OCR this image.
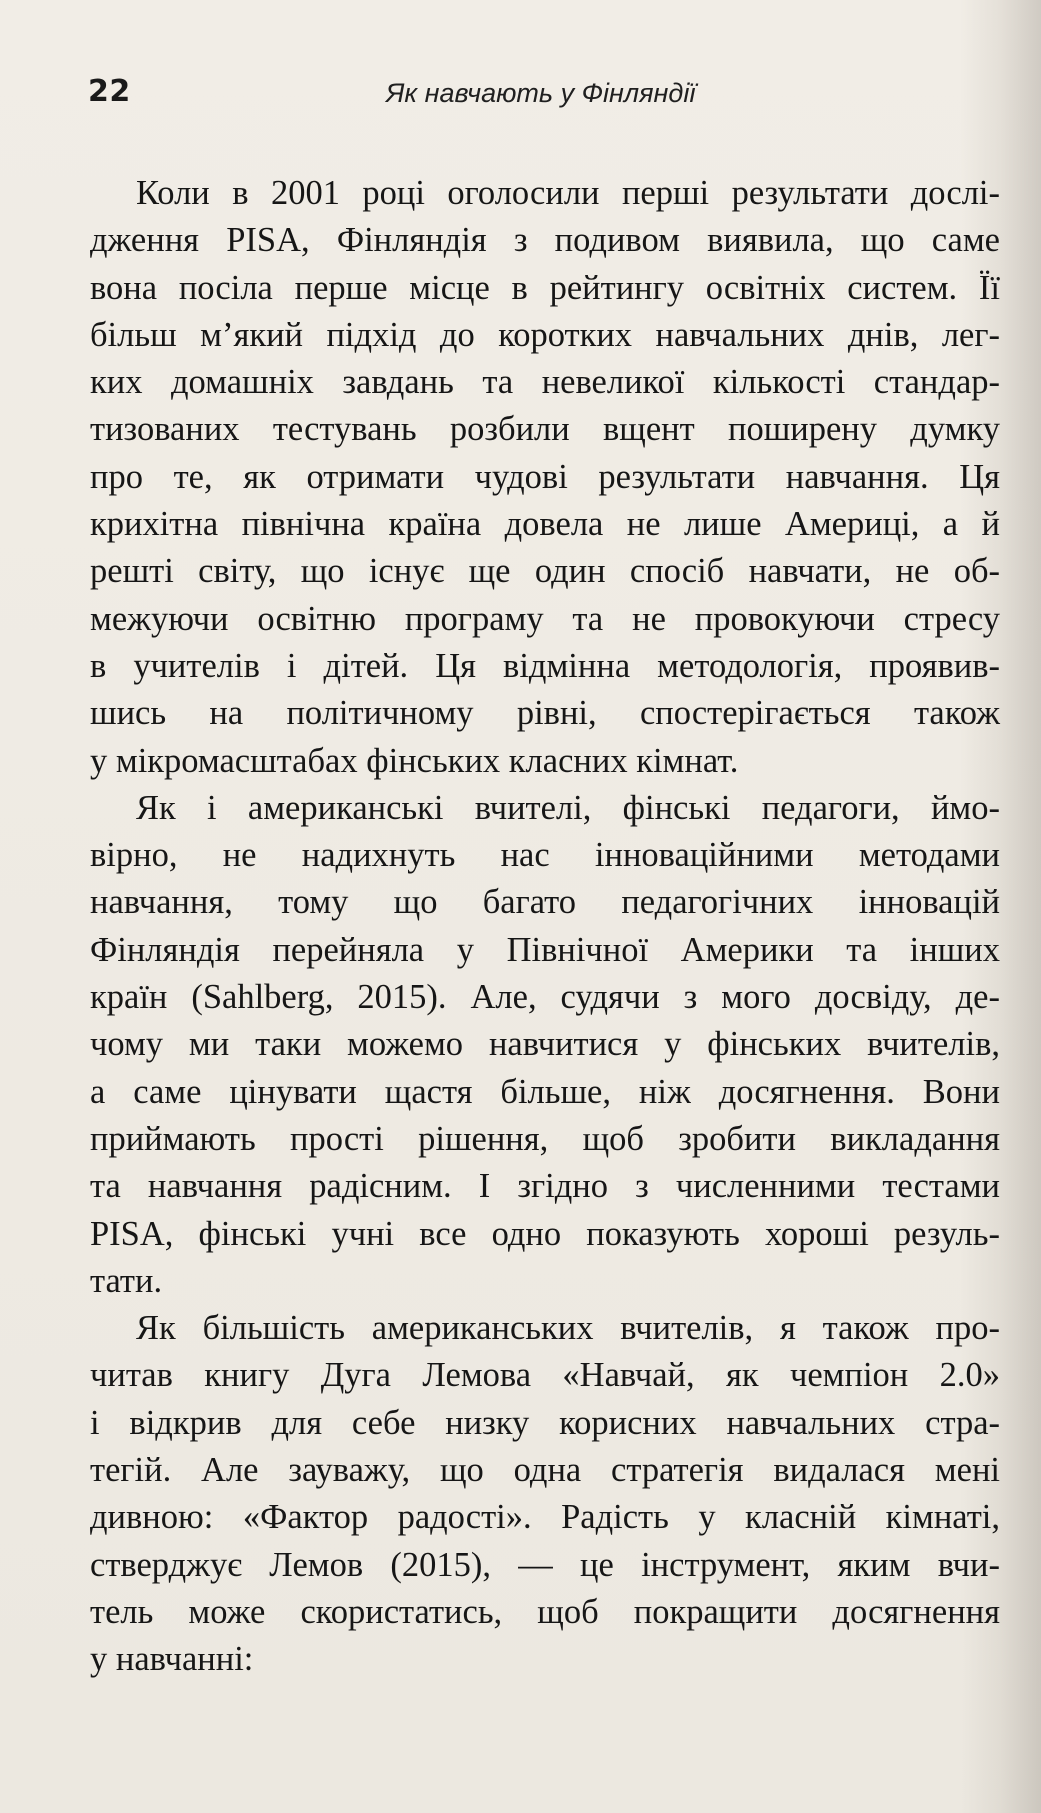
22	Як навчають у Фінляндії
Коли в 2001 році оголосили перші результати дослі-
дження PISA, Фінляндія з подивом виявила, що саме
вона посіла перше місце в рейтингу освітніх систем. Її
більш м’який підхід до коротких навчальних днів, лег-
ких домашніх завдань та невеликої кількості стандар-
тизованих тестувань розбили вщент поширену думку
про те, як отримати чудові результати навчання. Ця
крихітна північна країна довела не лише Америці, а й
решті світу, що існує ще один спосіб навчати, не об-
межуючи освітню програму та не провокуючи стресу
в учителів і дітей. Ця відмінна методологія, проявив-
шись на політичному рівні, спостерігається також
у мікромасштабах фінських класних кімнат.
Як і американські вчителі, фінські педагоги, ймо-
вірно, не надихнуть нас інноваційними методами
навчання, тому що багато педагогічних інновацій
Фінляндія перейняла у Північної Америки та інших
країн (Sahlberg, 2015). Але, судячи з мого досвіду, де-
чому ми таки можемо навчитися у фінських вчителів,
а саме цінувати щастя більше, ніж досягнення. Вони
приймають прості рішення, щоб зробити викладання
та навчання радісним. І згідно з численними тестами
PISA, фінські учні все одно показують хороші резуль-
тати.
Як більшість американських вчителів, я також про-
читав книгу Дуга Лемова «Навчай, як чемпіон 2.0»
і відкрив для себе низку корисних навчальних стра-
тегій. Але зауважу, що одна стратегія видалася мені
дивною: «Фактор радості». Радість у класній кімнаті,
стверджує Лемов (2015), — це інструмент, яким вчи-
тель може скористатись, щоб покращити досягнення
у навчанні:
